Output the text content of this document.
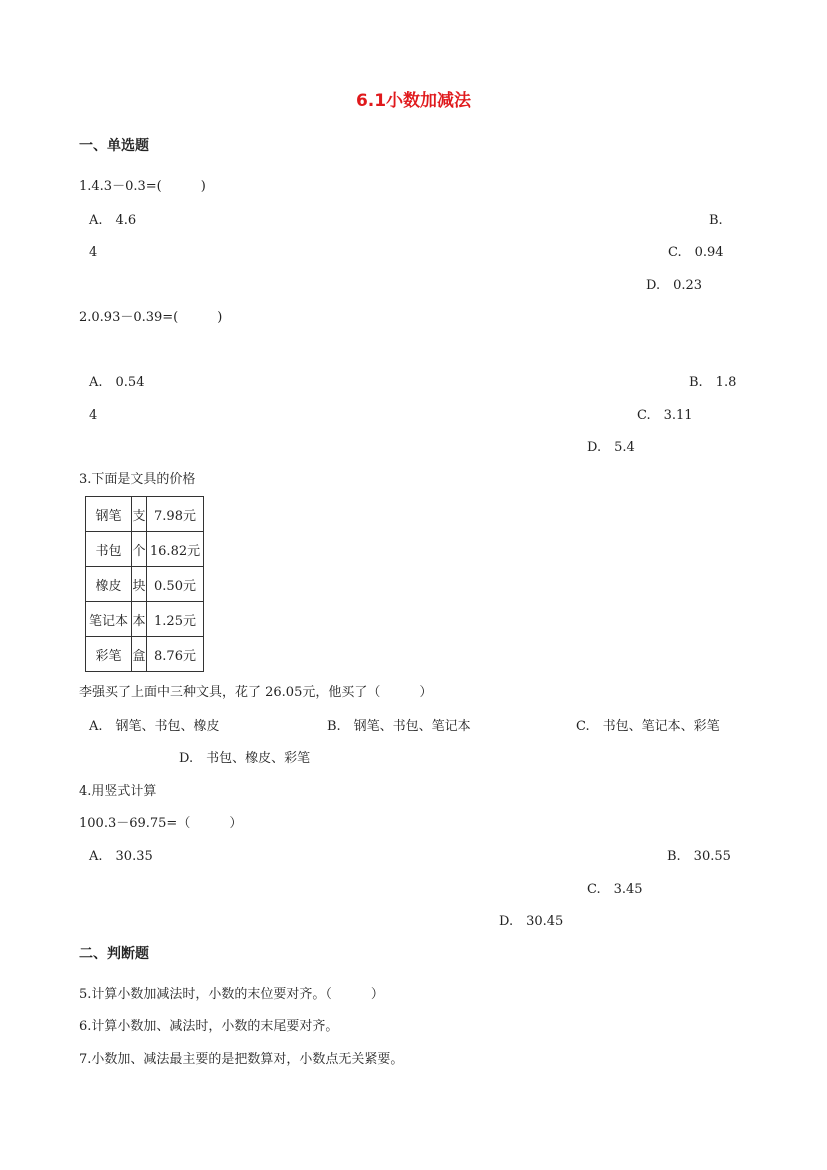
6.1小数加减法
一、单选题
1.4.3－0.3=(　　　)
A.　4.6	B.
4	C.　0.94
D.　0.23
2.0.93－0.39=(　　　)
A.　0.54	B.　1.8
4	C.　3.11
D.　5.4
3.下面是文具的价格
钢笔	支	7.98元
书包	个	16.82元
橡皮	块	0.50元
笔记本	本	1.25元
彩笔	盒	8.76元
李强买了上面中三种文具，花了 26.05元，他买了（　　　）
A.　钢笔、书包、橡皮	B.　钢笔、书包、笔记本	C.　书包、笔记本、彩笔
D.　书包、橡皮、彩笔
4.用竖式计算
100.3－69.75=（　　　）
A.　30.35	B.　30.55
C.　3.45
D.　30.45
二、判断题
5.计算小数加减法时，小数的末位要对齐。（　　　）
6.计算小数加、减法时，小数的末尾要对齐。
7.小数加、减法最主要的是把数算对，小数点无关紧要。
